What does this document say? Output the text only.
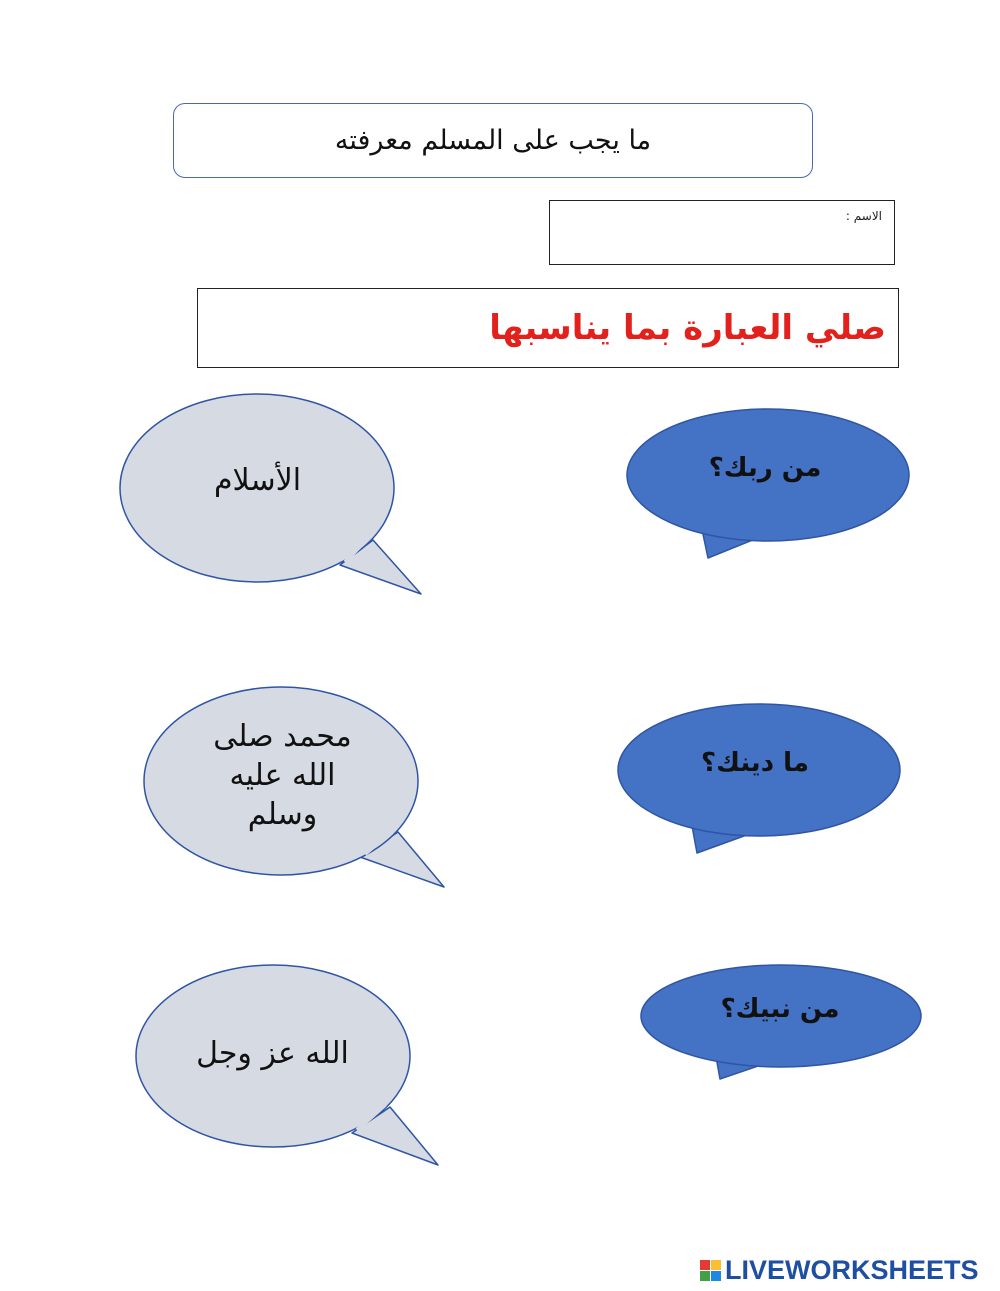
ما يجب على المسلم معرفته
الاسم :
صلي العبارة بما يناسبها
من ربك؟
ما دينك؟
من نبيك؟
الأسلام
محمد صلى الله عليه وسلم
الله عز وجل
LIVEWORKSHEETS
